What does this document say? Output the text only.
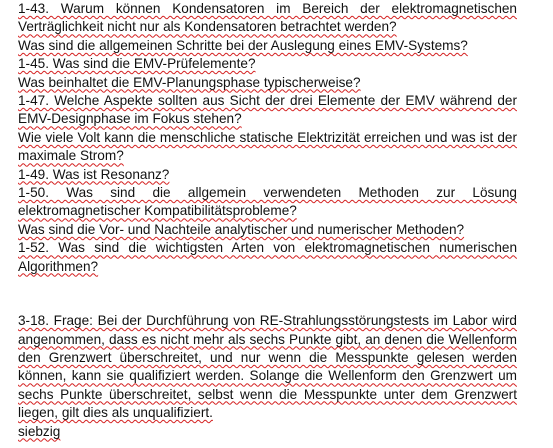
1-43. Warum können Kondensatoren im Bereich der elektromagnetischen Verträglichkeit nicht nur als Kondensatoren betrachtet werden?

Was sind die allgemeinen Schritte bei der Auslegung eines EMV-Systems?

1-45. Was sind die EMV-Prüfelemente?

Was beinhaltet die EMV-Planungsphase typischerweise?

1-47. Welche Aspekte sollten aus Sicht der drei Elemente der EMV während der EMV-Designphase im Fokus stehen?

Wie viele Volt kann die menschliche statische Elektrizität erreichen und was ist der maximale Strom?

1-49. Was ist Resonanz?

1-50. Was sind die allgemein verwendeten Methoden zur Lösung elektromagnetischer Kompatibilitätsprobleme?

Was sind die Vor- und Nachteile analytischer und numerischer Methoden?

1-52. Was sind die wichtigsten Arten von elektromagnetischen numerischen Algorithmen?

3-18. Frage: Bei der Durchführung von RE-Strahlungsstörungstests im Labor wird angenommen, dass es nicht mehr als sechs Punkte gibt, an denen die Wellenform den Grenzwert überschreitet, und nur wenn die Messpunkte gelesen werden können, kann sie qualifiziert werden. Solange die Wellenform den Grenzwert um sechs Punkte überschreitet, selbst wenn die Messpunkte unter dem Grenzwert liegen, gilt dies als unqualifiziert.

siebzig
